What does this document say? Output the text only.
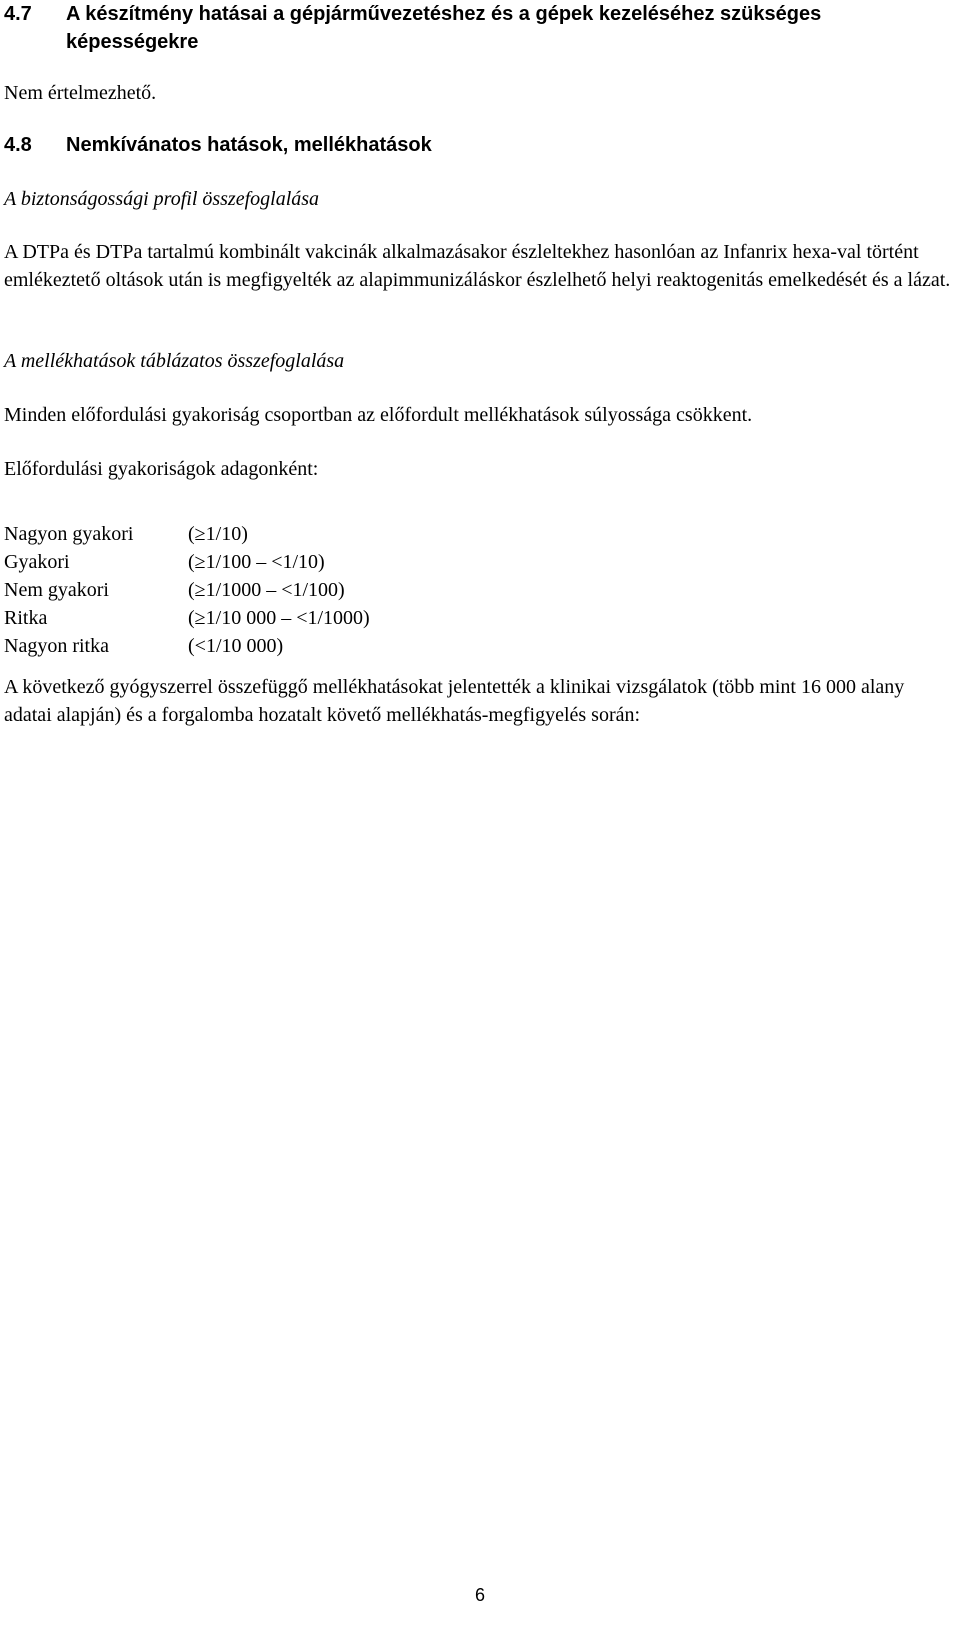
4.7 A készítmény hatásai a gépjárművezetéshez és a gépek kezeléséhez szükséges képességekre
Nem értelmezhető.
4.8 Nemkívánatos hatások, mellékhatások
A biztonságossági profil összefoglalása
A DTPa és DTPa tartalmú kombinált vakcinák alkalmazásakor észleltekhez hasonlóan az Infanrix hexa-val történt emlékeztető oltások után is megfigyelték az alapimmunizáláskor észlelhető helyi reaktogenitás emelkedését és a lázat.
A mellékhatások táblázatos összefoglalása
Minden előfordulási gyakoriság csoportban az előfordult mellékhatások súlyossága csökkent.
Előfordulási gyakoriságok adagonként:
Nagyon gyakori	(≥1/10)
Gyakori	(≥1/100 – <1/10)
Nem gyakori	(≥1/1000 – <1/100)
Ritka	(≥1/10 000 – <1/1000)
Nagyon ritka	(<1/10 000)
A következő gyógyszerrel összefüggő mellékhatásokat jelentették a klinikai vizsgálatok (több mint 16 000 alany adatai alapján) és a forgalomba hozatalt követő mellékhatás-megfigyelés során:
6
